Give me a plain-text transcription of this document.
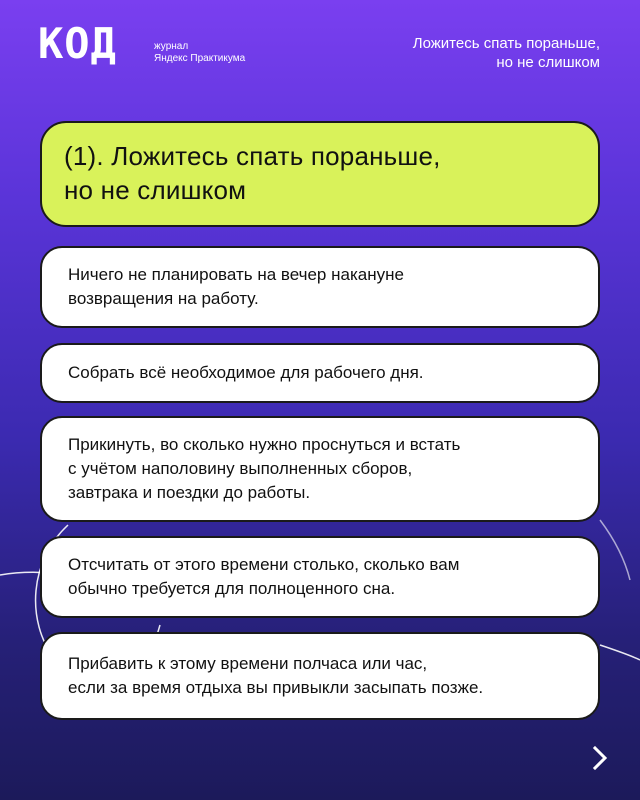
КОД	журнал
Яндекс Практикума
Ложитесь спать пораньше,
но не слишком
(1). Ложитесь спать пораньше,
но не слишком
Ничего не планировать на вечер накануне
возвращения на работу.
Собрать всё необходимое для рабочего дня.
Прикинуть, во сколько нужно проснуться и встать
с учётом наполовину выполненных сборов,
завтрака и поездки до работы.
Отсчитать от этого времени столько, сколько вам
обычно требуется для полноценного сна.
Прибавить к этому времени полчаса или час,
если за время отдыха вы привыкли засыпать позже.
